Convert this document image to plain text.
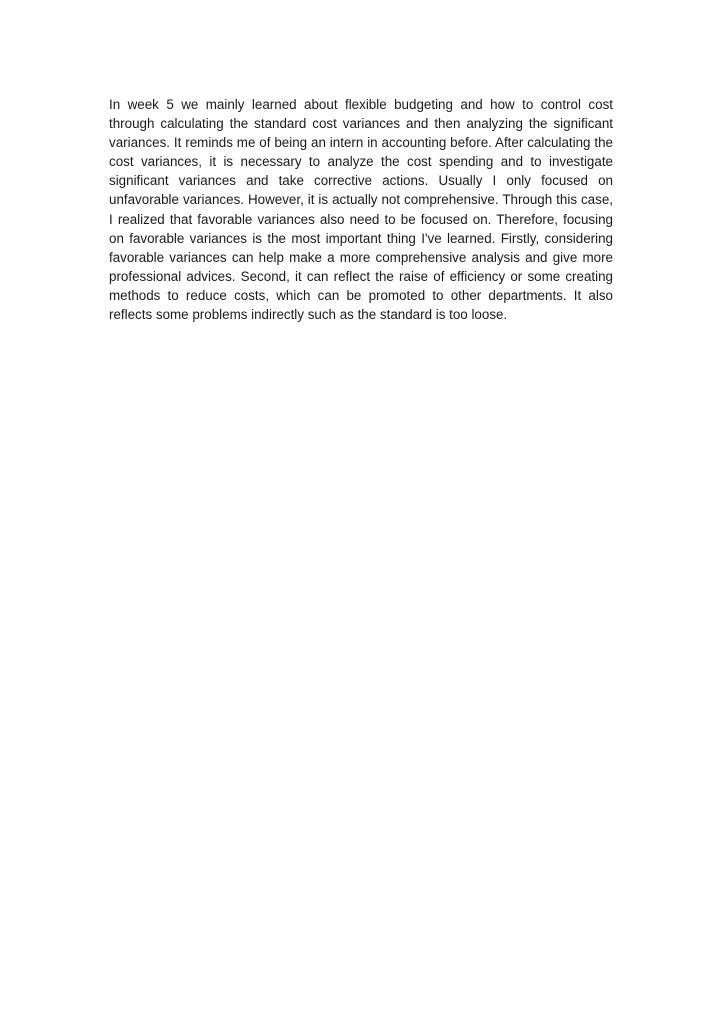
In week 5 we mainly learned about flexible budgeting and how to control cost through calculating the standard cost variances and then analyzing the significant variances. It reminds me of being an intern in accounting before. After calculating the cost variances, it is necessary to analyze the cost spending and to investigate significant variances and take corrective actions. Usually I only focused on unfavorable variances. However, it is actually not comprehensive. Through this case, I realized that favorable variances also need to be focused on. Therefore, focusing on favorable variances is the most important thing I've learned. Firstly, considering favorable variances can help make a more comprehensive analysis and give more professional advices. Second, it can reflect the raise of efficiency or some creating methods to reduce costs, which can be promoted to other departments. It also reflects some problems indirectly such as the standard is too loose.
